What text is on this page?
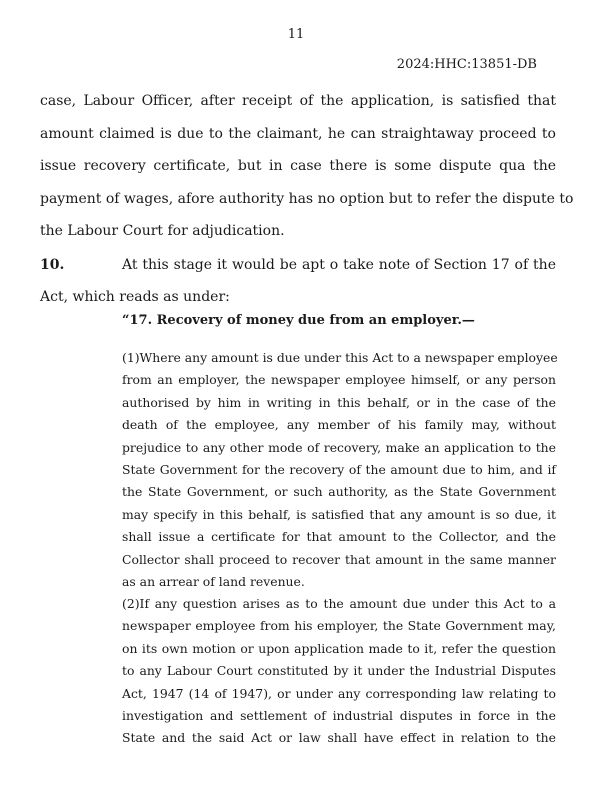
11
2024:HHC:13851-DB
case, Labour Officer, after receipt of the application, is satisfied that
amount claimed is due to the claimant, he can straightaway proceed to
issue recovery certificate, but in case there is some dispute qua the
payment of wages, afore authority has no option but to refer the dispute to
the Labour Court for adjudication.
10.	At this stage it would be apt o take note of Section 17 of the
Act, which reads as under:
“17. Recovery of money due from an employer.—
(1)Where any amount is due under this Act to a newspaper employee
from an employer, the newspaper employee himself, or any person
authorised by him in writing in this behalf, or in the case of the
death of the employee, any member of his family may, without
prejudice to any other mode of recovery, make an application to the
State Government for the recovery of the amount due to him, and if
the State Government, or such authority, as the State Government
may specify in this behalf, is satisfied that any amount is so due, it
shall issue a certificate for that amount to the Collector, and the
Collector shall proceed to recover that amount in the same manner
as an arrear of land revenue.
(2)If any question arises as to the amount due under this Act to a
newspaper employee from his employer, the State Government may,
on its own motion or upon application made to it, refer the question
to any Labour Court constituted by it under the Industrial Disputes
Act, 1947 (14 of 1947), or under any corresponding law relating to
investigation and settlement of industrial disputes in force in the
State and the said Act or law shall have effect in relation to the
